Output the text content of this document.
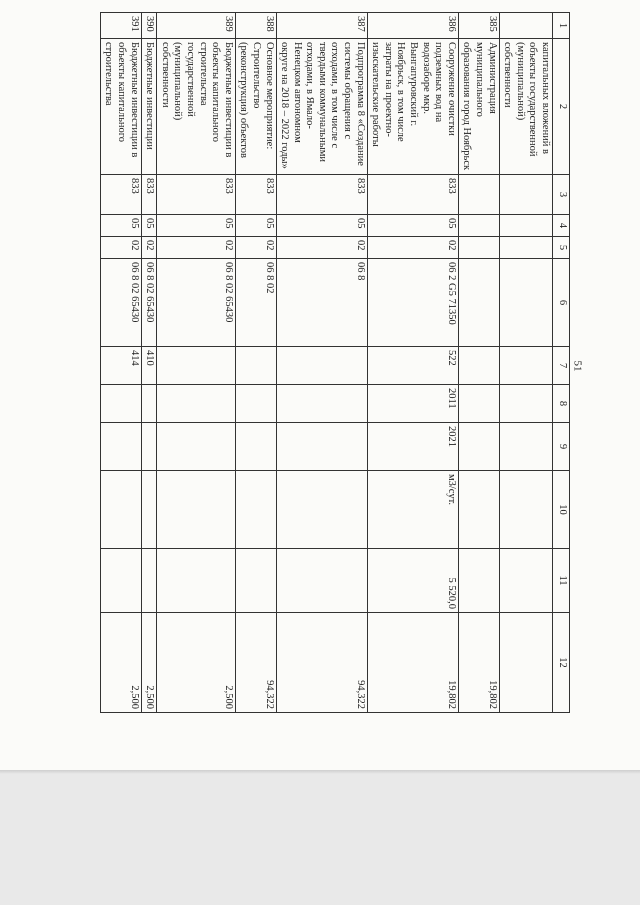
51
1	2	3	4	5	6	7	8	9	10	11	12
	капитальных вложений в объекты государственной (муниципальной) собственности										
385	Администрация муниципального образования город Ноябрьск										19,802
386	Сооружение очистки подземных вод на водозаборе мкр. Вынгапуровский г. Ноябрьск, в том числе затраты на проектно-изыскательские работы	833	05	02	06 2 G5 71350	522	2011	2021	м3/сут.	5 520,0	19,802
387	Подпрограмма 8 «Создание системы обращения с отходами, в том числе с твердыми коммунальными отходами, в Ямало-Ненецком автономном округе на 2018 – 2022 годы»	833	05	02	06 8						94,322
388	Основное мероприятие: Строительство (реконструкция) объектов	833	05	02	06 8 02						94,322
389	Бюджетные инвестиции в объекты капитального строительства государственной (муниципальной) собственности	833	05	02	06 8 02 65430						2,500
390	Бюджетные инвестиции	833	05	02	06 8 02 65430	410					2,500
391	Бюджетные инвестиции в объекты капитального строительства	833	05	02	06 8 02 65430	414					2,500
